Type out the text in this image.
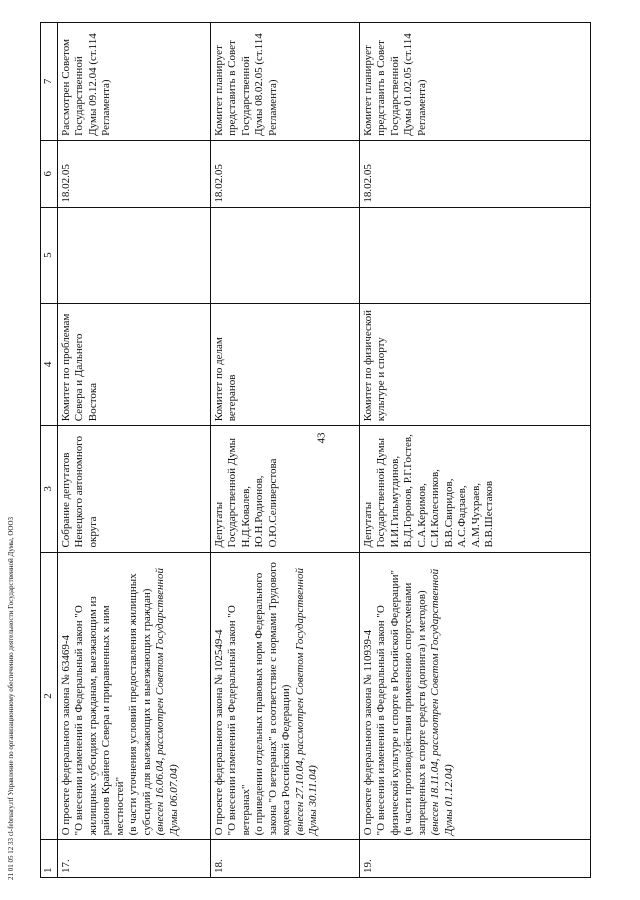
43
1	2	3	4	5	6	7
17.	О проекте федерального закона № 63469-4 "О внесении изменений в Федеральный закон "О жилищных субсидиях гражданам, выезжающим из районов Крайнего Севера и приравненных к ним местностей" (в части уточнения условий предоставления жилищных субсидий для выезжающих и выезжающих граждан) (внесен 16.06.04, рассмотрен Советом Государственной Думы 06.07.04)	Собрание депутатов Ненецкого автономного округа	Комитет по проблемам Севера и Дальнего Востока		18.02.05	Рассмотрен Советом Государственной Думы 09.12.04 (ст.114 Регламента)
18.	О проекте федерального закона № 102549-4 "О внесении изменений в Федеральный закон "О ветеранах" (о приведении отдельных правовых норм Федерального закона "О ветеранах" в соответствие с нормами Трудового кодекса Российской Федерации) (внесен 27.10.04, рассмотрен Советом Государственной Думы 30.11.04)	Депутаты Государственной Думы Н.Д.Ковалев, Ю.Н.Родионов, О.Ю.Селиверстова	Комитет по делам ветеранов		18.02.05	Комитет планирует представить в Совет Государственной Думы 08.02.05 (ст.114 Регламента)
19.	О проекте федерального закона № 110939-4 "О внесении изменений в Федеральный закон "О физической культуре и спорте в Российской Федерации" (в части противодействия применению спортсменами запрещенных в спорте средств (допинга) и методов) (внесен 18.11.04, рассмотрен Советом Государственной Думы 01.12.04)	Депутаты Государственной Думы И.И.Гильмутдинов, В.Д.Горонов, Р.Г.Гостев, С.А.Керимов, С.И.Колесников, В.В.Свиридов, А.С.Фадзаев, А.М.Чухраев, В.В.Шестаков	Комитет по физической культуре и спорту		18.02.05	Комитет планирует представить в Совет Государственной Думы 01.02.05 (ст.114 Регламента)
21 01 05 12 33 cl-february.rtf Управление по организационному обеспечению деятельности Государственной Думы, ООО3
